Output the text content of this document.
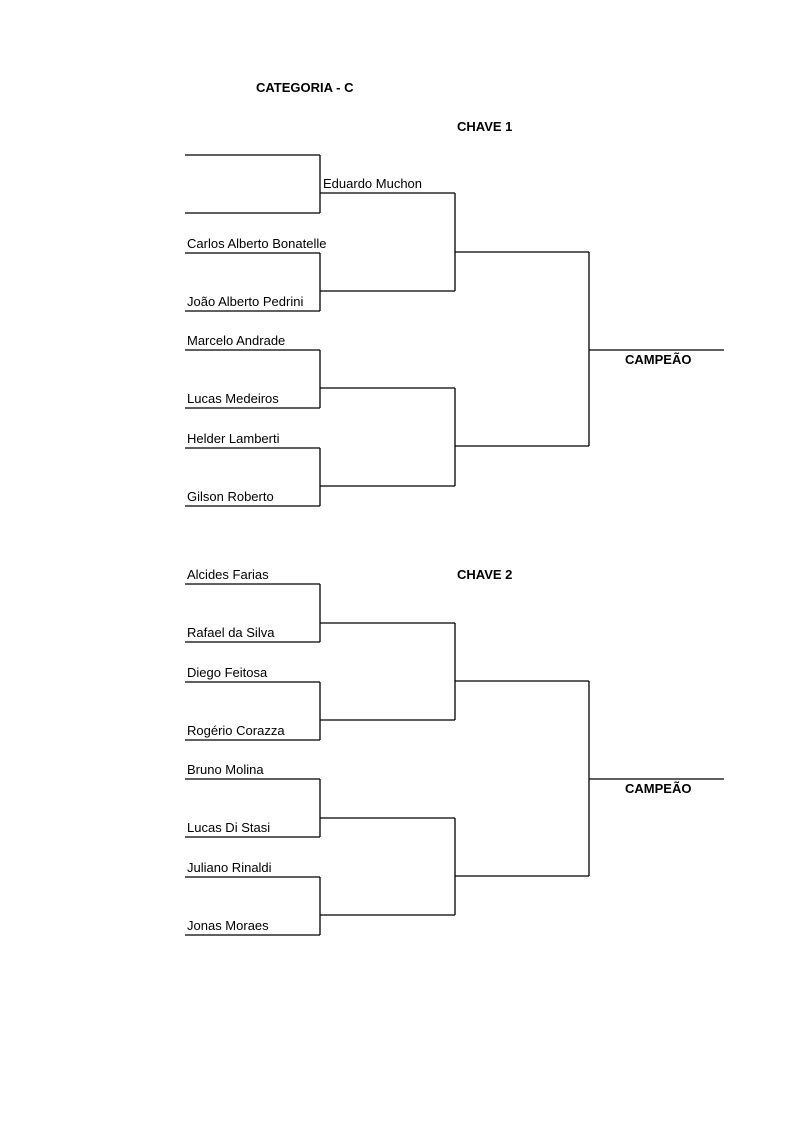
CATEGORIA - C
CHAVE 1
Carlos Alberto Bonatelle
João Alberto Pedrini
Marcelo Andrade
Lucas Medeiros
Helder Lamberti
Gilson Roberto
Eduardo Muchon
CAMPEÃO
CHAVE 2
Alcides Farias
Rafael da Silva
Diego Feitosa
Rogério Corazza
Bruno Molina
Lucas Di Stasi
Juliano Rinaldi
Jonas Moraes
CAMPEÃO
